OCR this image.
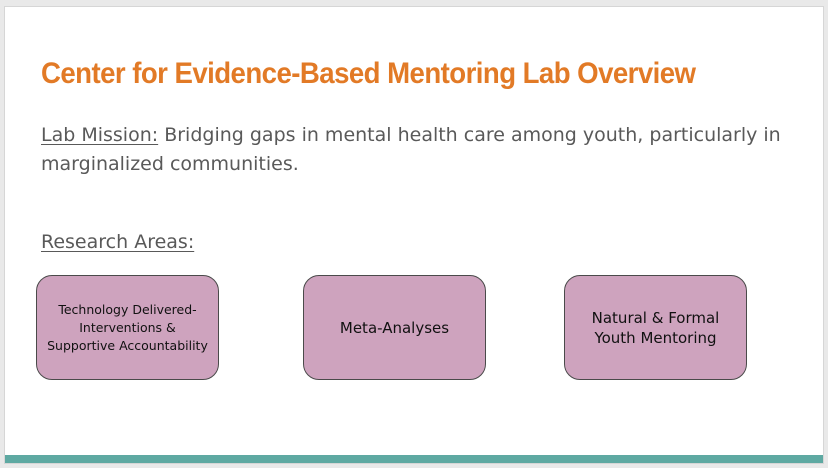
Center for Evidence-Based Mentoring Lab Overview
Lab Mission: Bridging gaps in mental health care among youth, particularly in marginalized communities.
Research Areas:
Technology Delivered-Interventions & Supportive Accountability
Meta-Analyses
Natural & Formal Youth Mentoring
